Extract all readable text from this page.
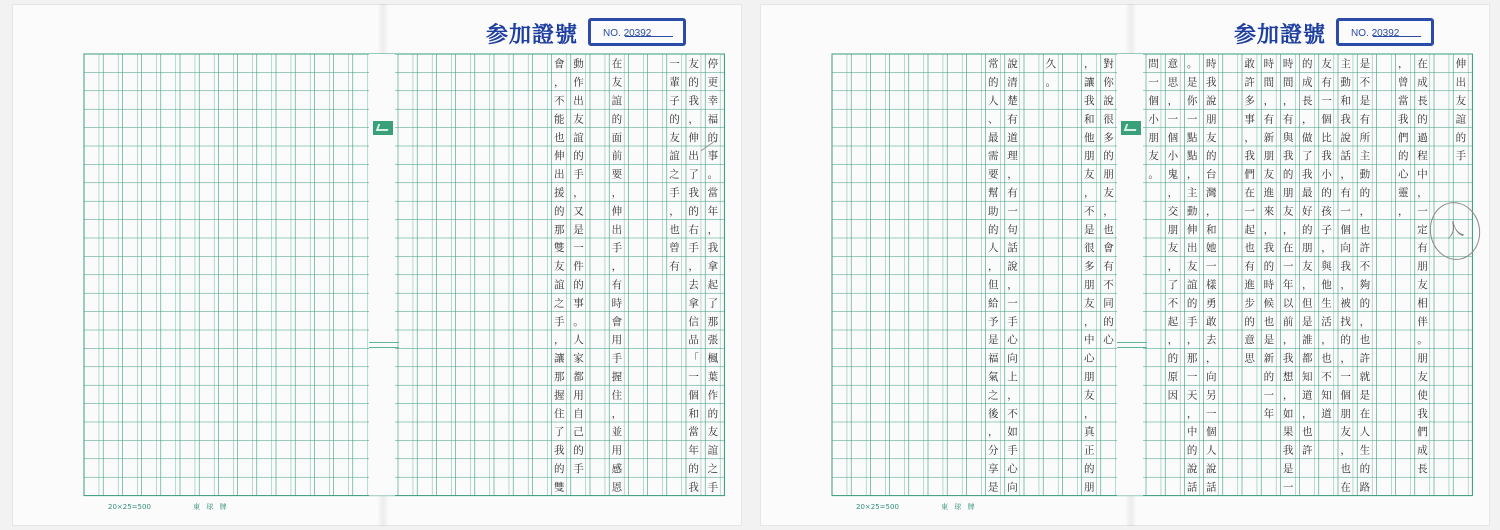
停
更
幸
福
的
事
。
當
年
，
我
拿
起
了
那
張
楓
葉
作
的
友
誼
之
手
友
的
我
，
伸
出
了
我
的
右
手
，
去
拿
信
品
「
一
個
和
當
年
的
我
一
輩
子
的
友
誼
之
手
，
也
曾
有
在
友
誼
的
面
前
要
，
伸
出
手
，
有
時
會
用
手
握
住
，
並
用
感
恩
動
作
出
友
誼
的
手
，
又
是
一
件
的
事
。
人
家
都
用
自
己
的
手
會
，
不
能
也
伸
出
援
的
那
雙
友
誼
之
手
，
讓
那
握
住
了
我
的
雙
参加證號	NO. 20392
20×25=500	東 球 牌
伸
出
友
誼
的
手
在
成
長
的
過
程
中
，
一
定
有
朋
友
相
伴
。
朋
友
使
我
們
成
長
，
曾
當
我
們
的
心
靈
，
是
不
是
有
所
主
動
的
，
也
許
不
夠
的
，
也
許
就
是
在
人
生
的
路
主
動
和
我
說
話
，
有
一
個
向
我
，
被
找
的
，
一
個
朋
友
，
也
在
友
有
一
個
比
我
小
的
孩
子
，
與
他
生
活
，
也
不
知
道
的
成
長
，
做
了
我
最
好
的
朋
友
，
但
是
誰
都
知
道
，
也
許
時
間
，
有
與
我
的
朋
友
，
在
一
年
以
前
，
我
想
，
如
果
我
是
一
時
間
，
有
新
朋
友
進
來
，
我
的
時
候
也
是
新
的
一
年
敢
許
多
事
，
我
們
在
一
起
也
有
進
步
的
意
思
時
我
說
朋
友
的
台
灣
，
和
她
一
樣
勇
敢
去
，
向
另
一
個
人
說
話
。
是
你
一
點
點
，
主
動
伸
出
友
誼
的
手
，
那
一
天
，
中
的
說
話
意
思
，
一
個
小
鬼
，
交
朋
友
，
了
不
起
，
的
原
因
問
一
個
小
朋
友
。
對
你
說
很
多
的
朋
友
，
也
會
有
不
同
的
心
，
讓
我
和
他
朋
友
，
不
是
很
多
朋
友
，
中
心
朋
友
，
真
正
的
朋
久
。
說
清
楚
有
道
理
，
有
一
句
話
說
，
一
手
心
向
上
，
不
如
手
心
向
常
的
人
、
最
需
要
幫
助
的
人
，
但
給
予
是
福
氣
之
後
，
分
享
是
参加證號	NO. 20392
20×25=500	東 球 牌
人
